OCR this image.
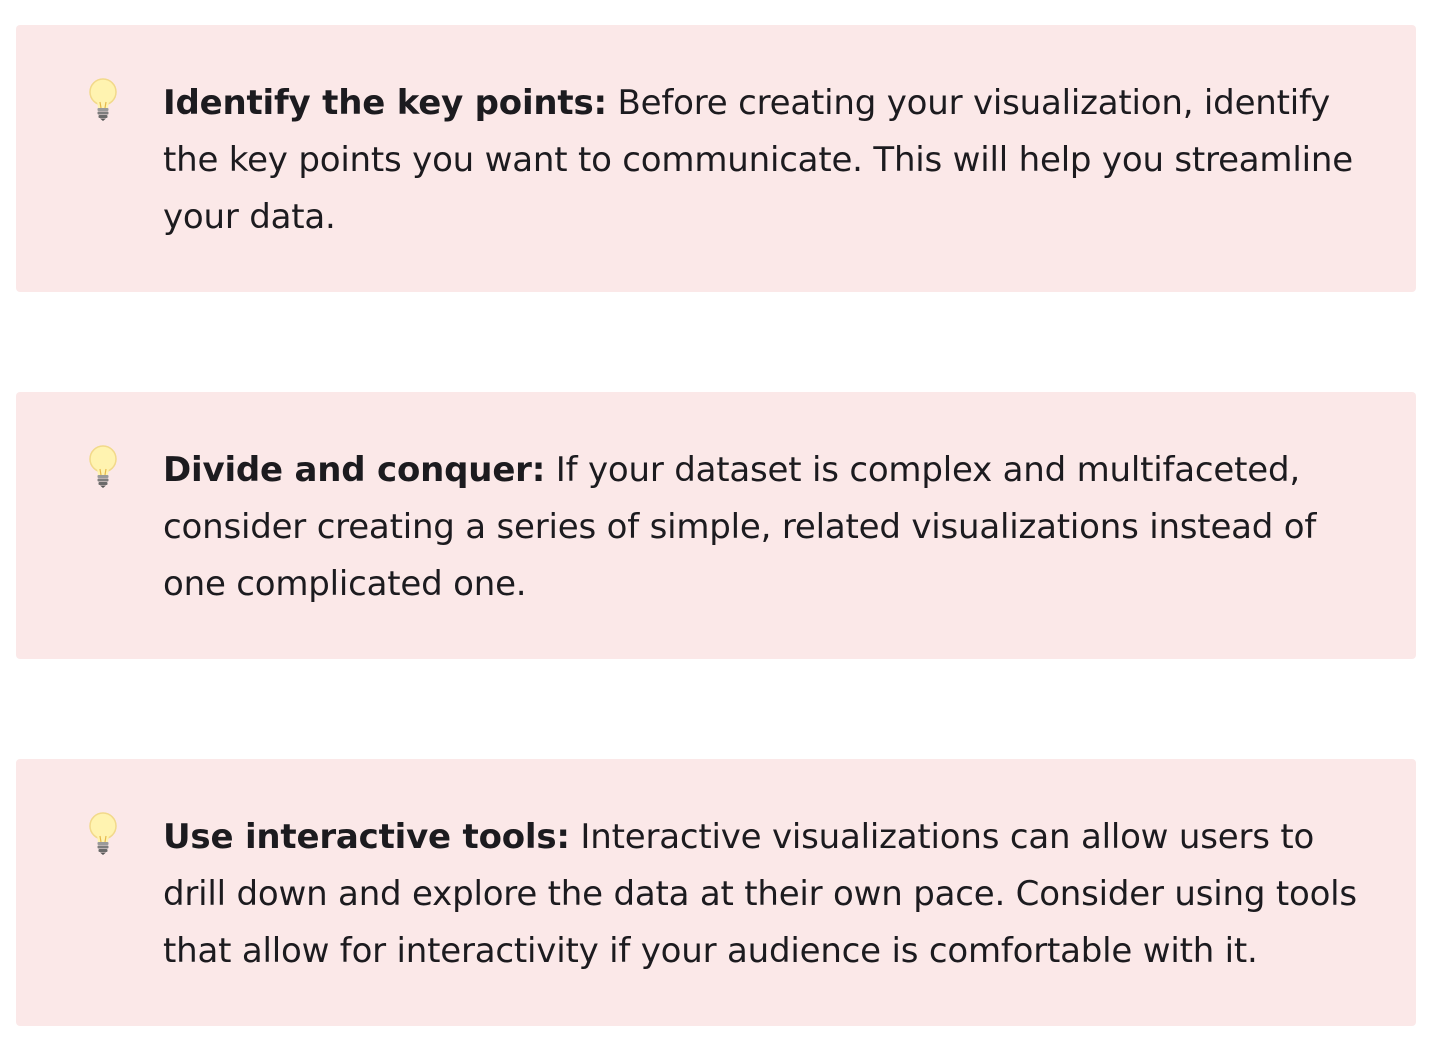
Identify the key points: Before creating your visualization, identify the key points you want to communicate. This will help you streamline your data.

Divide and conquer: If your dataset is complex and multifaceted, consider creating a series of simple, related visualizations instead of one complicated one.

Use interactive tools: Interactive visualizations can allow users to drill down and explore the data at their own pace. Consider using tools that allow for interactivity if your audience is comfortable with it.
